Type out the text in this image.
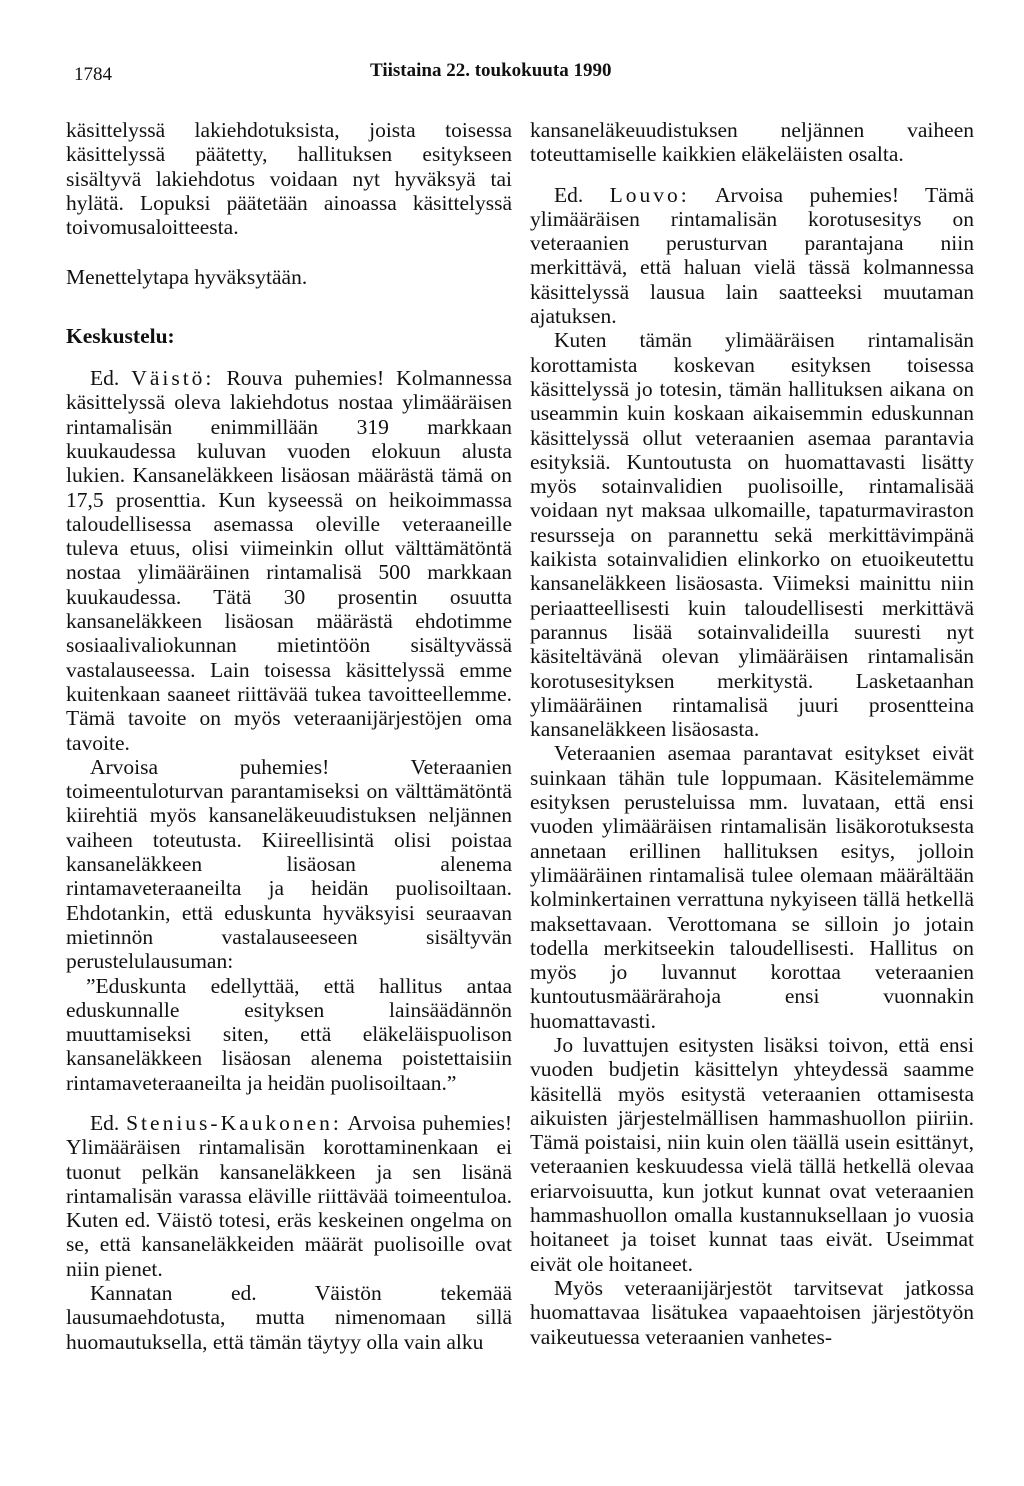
1784	Tiistaina 22. toukokuuta 1990

käsittelyssä lakiehdotuksista, joista toisessa käsittelyssä päätetty, hallituksen esitykseen sisältyvä lakiehdotus voidaan nyt hyväksyä tai hylätä. Lopuksi päätetään ainoassa käsittelyssä toivomusaloitteesta.

Menettelytapa hyväksytään.

Keskustelu:

Ed. Väistö: Rouva puhemies! Kolmannessa käsittelyssä oleva lakiehdotus nostaa ylimääräisen rintamalisän enimmillään 319 markkaan kuukaudessa kuluvan vuoden elokuun alusta lukien. Kansaneläkkeen lisäosan määrästä tämä on 17,5 prosenttia. Kun kyseessä on heikoimmassa taloudellisessa asemassa oleville veteraaneille tuleva etuus, olisi viimeinkin ollut välttämätöntä nostaa ylimääräinen rintamalisä 500 markkaan kuukaudessa. Tätä 30 prosentin osuutta kansaneläkkeen lisäosan määrästä ehdotimme sosiaalivaliokunnan mietintöön sisältyvässä vastalauseessa. Lain toisessa käsittelyssä emme kuitenkaan saaneet riittävää tukea tavoitteellemme. Tämä tavoite on myös veteraanijärjestöjen oma tavoite.

Arvoisa puhemies! Veteraanien toimeentuloturvan parantamiseksi on välttämätöntä kiirehtiä myös kansaneläkeuudistuksen neljännen vaiheen toteutusta. Kiireellisintä olisi poistaa kansaneläkkeen lisäosan alenema rintamaveteraaneilta ja heidän puolisoiltaan. Ehdotankin, että eduskunta hyväksyisi seuraavan mietinnön vastalauseeseen sisältyvän perustelulausuman:

”Eduskunta edellyttää, että hallitus antaa eduskunnalle esityksen lainsäädännön muuttamiseksi siten, että eläkeläispuolison kansaneläkkeen lisäosan alenema poistettaisiin rintamaveteraaneilta ja heidän puolisoiltaan.”

Ed. Stenius-Kaukonen: Arvoisa puhemies! Ylimääräisen rintamalisän korottaminenkaan ei tuonut pelkän kansaneläkkeen ja sen lisänä rintamalisän varassa eläville riittävää toimeentuloa. Kuten ed. Väistö totesi, eräs keskeinen ongelma on se, että kansaneläkkeiden määrät puolisoille ovat niin pienet.

Kannatan ed. Väistön tekemää lausumaehdotusta, mutta nimenomaan sillä huomautuksella, että tämän täytyy olla vain alku

kansaneläkeuudistuksen neljännen vaiheen toteuttamiselle kaikkien eläkeläisten osalta.

Ed. Louvo: Arvoisa puhemies! Tämä ylimääräisen rintamalisän korotusesitys on veteraanien perusturvan parantajana niin merkittävä, että haluan vielä tässä kolmannessa käsittelyssä lausua lain saatteeksi muutaman ajatuksen.

Kuten tämän ylimääräisen rintamalisän korottamista koskevan esityksen toisessa käsittelyssä jo totesin, tämän hallituksen aikana on useammin kuin koskaan aikaisemmin eduskunnan käsittelyssä ollut veteraanien asemaa parantavia esityksiä. Kuntoutusta on huomattavasti lisätty myös sotainvalidien puolisoille, rintamalisää voidaan nyt maksaa ulkomaille, tapaturmaviraston resursseja on parannettu sekä merkittävimpänä kaikista sotainvalidien elinkorko on etuoikeutettu kansaneläkkeen lisäosasta. Viimeksi mainittu niin periaatteellisesti kuin taloudellisesti merkittävä parannus lisää sotainvalideilla suuresti nyt käsiteltävänä olevan ylimääräisen rintamalisän korotusesityksen merkitystä. Lasketaanhan ylimääräinen rintamalisä juuri prosentteina kansaneläkkeen lisäosasta.

Veteraanien asemaa parantavat esitykset eivät suinkaan tähän tule loppumaan. Käsitelemämme esityksen perusteluissa mm. luvataan, että ensi vuoden ylimääräisen rintamalisän lisäkorotuksesta annetaan erillinen hallituksen esitys, jolloin ylimääräinen rintamalisä tulee olemaan määrältään kolminkertainen verrattuna nykyiseen tällä hetkellä maksettavaan. Verottomana se silloin jo jotain todella merkitseekin taloudellisesti. Hallitus on myös jo luvannut korottaa veteraanien kuntoutusmäärärahoja ensi vuonnakin huomattavasti.

Jo luvattujen esitysten lisäksi toivon, että ensi vuoden budjetin käsittelyn yhteydessä saamme käsitellä myös esitystä veteraanien ottamisesta aikuisten järjestelmällisen hammashuollon piiriin. Tämä poistaisi, niin kuin olen täällä usein esittänyt, veteraanien keskuudessa vielä tällä hetkellä olevaa eriarvoisuutta, kun jotkut kunnat ovat veteraanien hammashuollon omalla kustannuksellaan jo vuosia hoitaneet ja toiset kunnat taas eivät. Useimmat eivät ole hoitaneet.

Myös veteraanijärjestöt tarvitsevat jatkossa huomattavaa lisätukea vapaaehtoisen järjestötyön vaikeutuessa veteraanien vanhetes-
